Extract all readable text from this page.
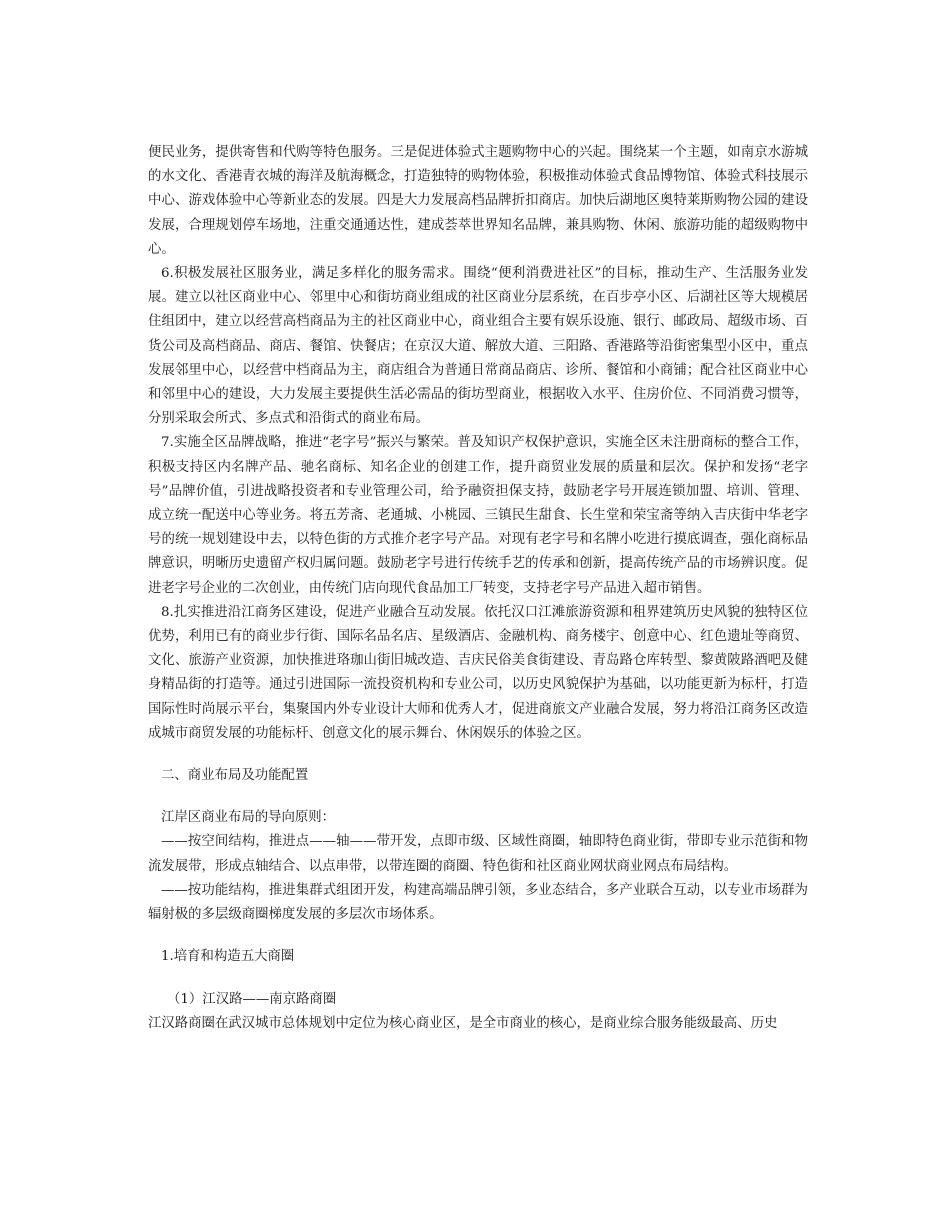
便民业务，提供寄售和代购等特色服务。三是促进体验式主题购物中心的兴起。围绕某一个主题，如南京水游城的水文化、香港青衣城的海洋及航海概念，打造独特的购物体验，积极推动体验式食品博物馆、体验式科技展示中心、游戏体验中心等新业态的发展。四是大力发展高档品牌折扣商店。加快后湖地区奥特莱斯购物公园的建设发展，合理规划停车场地，注重交通通达性，建成荟萃世界知名品牌，兼具购物、休闲、旅游功能的超级购物中心。

6.积极发展社区服务业，满足多样化的服务需求。围绕“便利消费进社区”的目标，推动生产、生活服务业发展。建立以社区商业中心、邻里中心和街坊商业组成的社区商业分层系统，在百步亭小区、后湖社区等大规模居住组团中，建立以经营高档商品为主的社区商业中心，商业组合主要有娱乐设施、银行、邮政局、超级市场、百货公司及高档商品、商店、餐馆、快餐店；在京汉大道、解放大道、三阳路、香港路等沿街密集型小区中，重点发展邻里中心，以经营中档商品为主，商店组合为普通日常商品商店、诊所、餐馆和小商铺；配合社区商业中心和邻里中心的建设，大力发展主要提供生活必需品的街坊型商业，根据收入水平、住房价位、不同消费习惯等，分别采取会所式、多点式和沿街式的商业布局。

7.实施全区品牌战略，推进“老字号”振兴与繁荣。普及知识产权保护意识，实施全区未注册商标的整合工作，积极支持区内名牌产品、驰名商标、知名企业的创建工作，提升商贸业发展的质量和层次。保护和发扬“老字号”品牌价值，引进战略投资者和专业管理公司，给予融资担保支持，鼓励老字号开展连锁加盟、培训、管理、成立统一配送中心等业务。将五芳斋、老通城、小桃园、三镇民生甜食、长生堂和荣宝斋等纳入吉庆街中华老字号的统一规划建设中去，以特色街的方式推介老字号产品。对现有老字号和名牌小吃进行摸底调查，强化商标品牌意识，明晰历史遗留产权归属问题。鼓励老字号进行传统手艺的传承和创新，提高传统产品的市场辨识度。促进老字号企业的二次创业，由传统门店向现代食品加工厂转变，支持老字号产品进入超市销售。

8.扎实推进沿江商务区建设，促进产业融合互动发展。依托汉口江滩旅游资源和租界建筑历史风貌的独特区位优势，利用已有的商业步行街、国际名品名店、星级酒店、金融机构、商务楼宇、创意中心、红色遗址等商贸、文化、旅游产业资源，加快推进珞珈山街旧城改造、吉庆民俗美食街建设、青岛路仓库转型、黎黄陂路酒吧及健身精品街的打造等。通过引进国际一流投资机构和专业公司，以历史风貌保护为基础，以功能更新为标杆，打造国际性时尚展示平台，集聚国内外专业设计大师和优秀人才，促进商旅文产业融合发展，努力将沿江商务区改造成城市商贸发展的功能标杆、创意文化的展示舞台、休闲娱乐的体验之区。

二、商业布局及功能配置

江岸区商业布局的导向原则：

——按空间结构，推进点——轴——带开发，点即市级、区域性商圈，轴即特色商业街，带即专业示范街和物流发展带，形成点轴结合、以点串带，以带连圈的商圈、特色街和社区商业网状商业网点布局结构。

——按功能结构，推进集群式组团开发，构建高端品牌引领，多业态结合，多产业联合互动，以专业市场群为辐射极的多层级商圈梯度发展的多层次市场体系。

1.培育和构造五大商圈

（1）江汉路——南京路商圈

江汉路商圈在武汉城市总体规划中定位为核心商业区，是全市商业的核心，是商业综合服务能级最高、历史
